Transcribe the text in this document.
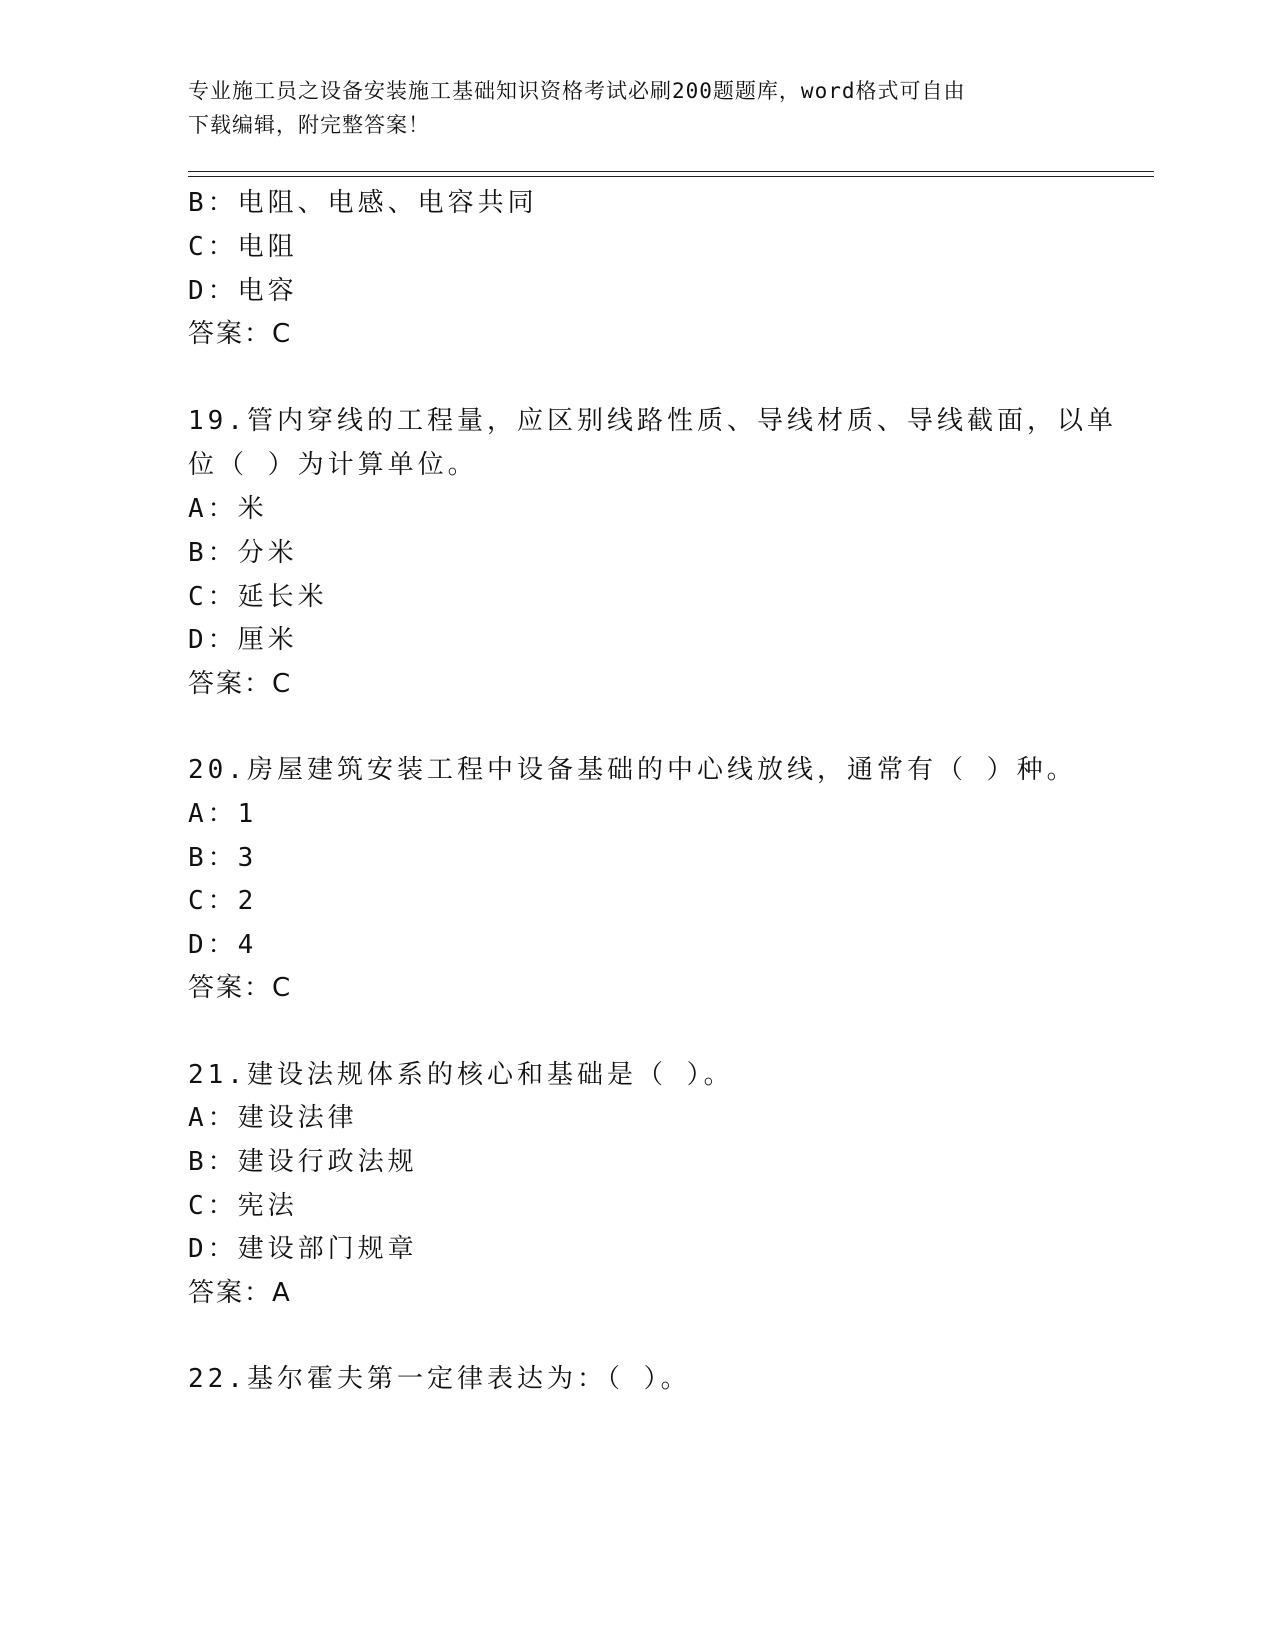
专业施工员之设备安装施工基础知识资格考试必刷200题题库，word格式可自由
下载编辑，附完整答案！
B：电阻、电感、电容共同
C：电阻
D：电容
答案：C
19.管内穿线的工程量，应区别线路性质、导线材质、导线截面，以单
位（ ）为计算单位。
A：米
B：分米
C：延长米
D：厘米
答案：C
20.房屋建筑安装工程中设备基础的中心线放线，通常有（ ）种。
A：1
B：3
C：2
D：4
答案：C
21.建设法规体系的核心和基础是（ ）。
A：建设法律
B：建设行政法规
C：宪法
D：建设部门规章
答案：A
22.基尔霍夫第一定律表达为：（ ）。
